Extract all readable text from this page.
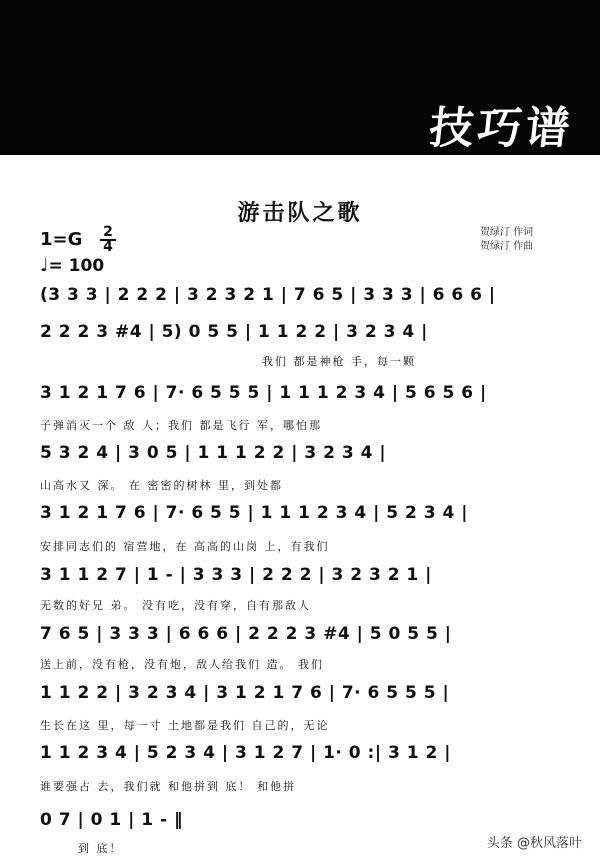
技巧谱
游击队之歌
1=G 2
4
♩= 100
贺绿汀 作词
贺绿汀 作曲
(3 3 3 | 2 2 2 | 3 2 3 2 1 | 7 6 5 | 3 3 3 | 6 6 6 |
2 2 2 3 #4 | 5) 0 5 5 | 1 1 2 2 | 3 2 3 4 |
我们 都是神枪 手，每一颗
3 1 2 1 7 6 | 7· 6 5 5 5 | 1 1 1 2 3 4 | 5 6 5 6 |
子弹消灭一个 敌 人；我们 都是飞行 军，哪怕那
5 3 2 4 | 3 0 5 | 1 1 1 2 2 | 3 2 3 4 |
山高水又 深。 在 密密的树林 里，到处都
3 1 2 1 7 6 | 7· 6 5 5 | 1 1 1 2 3 4 | 5 2 3 4 |
安排同志们的 宿营地，在 高高的山岗 上，有我们
3 1 1 2 7 | 1 - | 3 3 3 | 2 2 2 | 3 2 3 2 1 |
无数的好兄 弟。 没有吃，没有穿，自有那敌人
7 6 5 | 3 3 3 | 6 6 6 | 2 2 2 3 #4 | 5 0 5 5 |
送上前，没有枪，没有炮，敌人给我们 造。 我们
1 1 2 2 | 3 2 3 4 | 3 1 2 1 7 6 | 7· 6 5 5 5 |
生长在这 里，每一寸 土地都是我们 自己的，无论
1 1 2 3 4 | 5 2 3 4 | 3 1 2 7 | 1· 0 :| 3 1 2 |
谁要强占 去，我们就 和他拼到 底！ 和他拼
0 7 | 0 1 | 1 - ‖
到 底！	头条 @秋风落叶
